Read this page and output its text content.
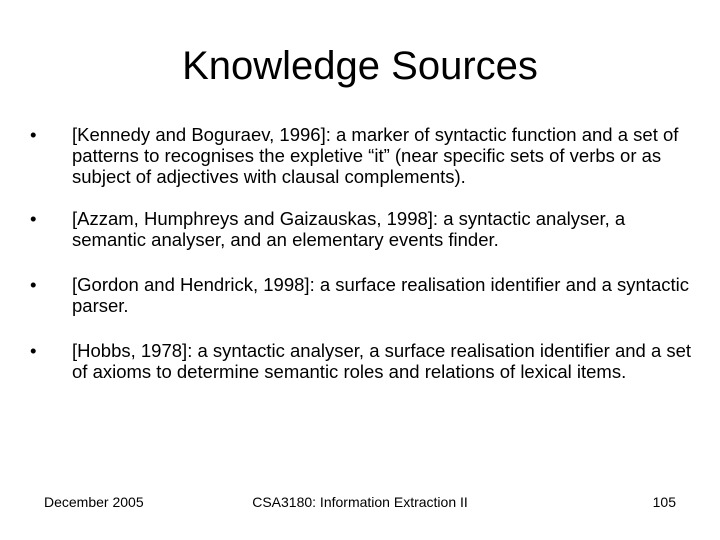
Knowledge Sources
• [Kennedy and Boguraev, 1996]: a marker of syntactic function and a set of patterns to recognises the expletive “it” (near specific sets of verbs or as subject of adjectives with clausal complements).
• [Azzam, Humphreys and Gaizauskas, 1998]: a syntactic analyser, a semantic analyser, and an elementary events finder.
• [Gordon and Hendrick, 1998]: a surface realisation identifier and a syntactic parser.
• [Hobbs, 1978]: a syntactic analyser, a surface realisation identifier and a set of axioms to determine semantic roles and relations of lexical items.
December 2005	CSA3180: Information Extraction II	105
